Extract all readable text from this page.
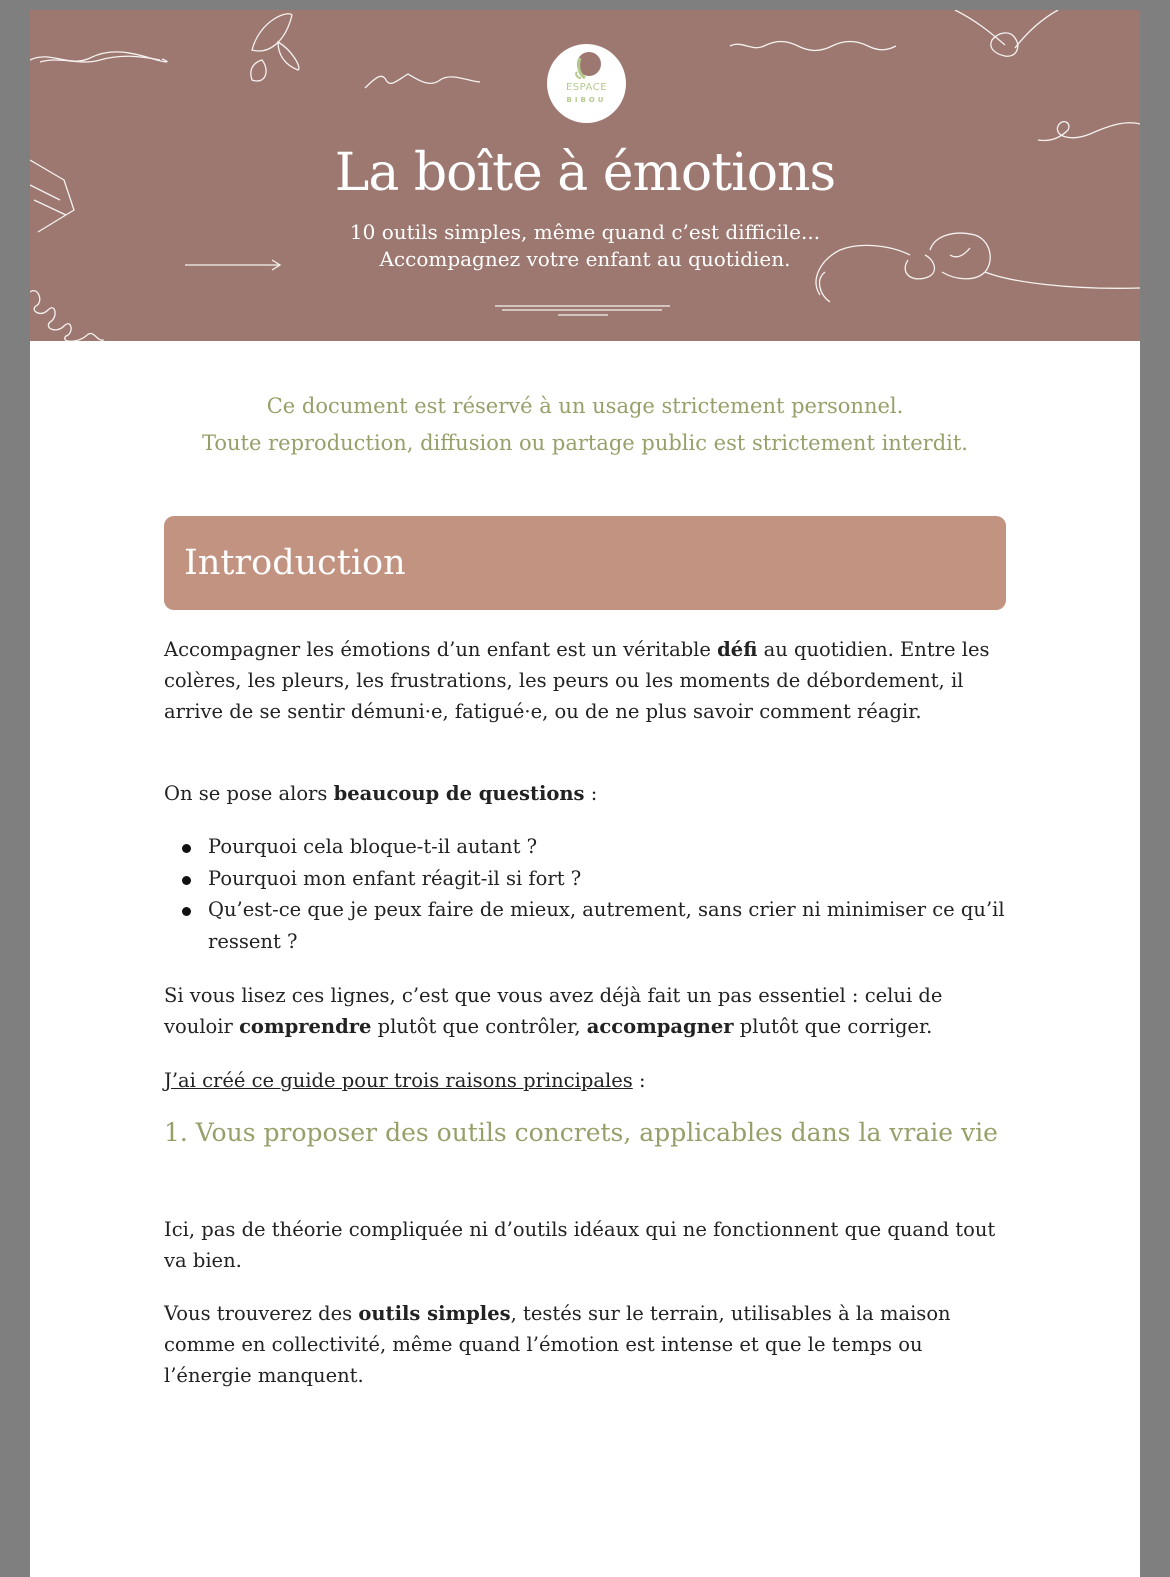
ESPACE
BIBOU
La boîte à émotions
10 outils simples, même quand c’est difficile...
Accompagnez votre enfant au quotidien.
Ce document est réservé à un usage strictement personnel.
Toute reproduction, diffusion ou partage public est strictement interdit.
Introduction

Accompagner les émotions d’un enfant est un véritable défi au quotidien. Entre les colères, les pleurs, les frustrations, les peurs ou les moments de débordement, il arrive de se sentir démuni·e, fatigué·e, ou de ne plus savoir comment réagir.

On se pose alors beaucoup de questions :

Pourquoi cela bloque-t-il autant ?
Pourquoi mon enfant réagit-il si fort ?
Qu’est-ce que je peux faire de mieux, autrement, sans crier ni minimiser ce qu’il ressent ?

Si vous lisez ces lignes, c’est que vous avez déjà fait un pas essentiel : celui de vouloir comprendre plutôt que contrôler, accompagner plutôt que corriger.

J’ai créé ce guide pour trois raisons principales :
1. Vous proposer des outils concrets, applicables dans la vraie vie

Ici, pas de théorie compliquée ni d’outils idéaux qui ne fonctionnent que quand tout va bien.

Vous trouverez des outils simples, testés sur le terrain, utilisables à la maison comme en collectivité, même quand l’émotion est intense et que le temps ou l’énergie manquent.
